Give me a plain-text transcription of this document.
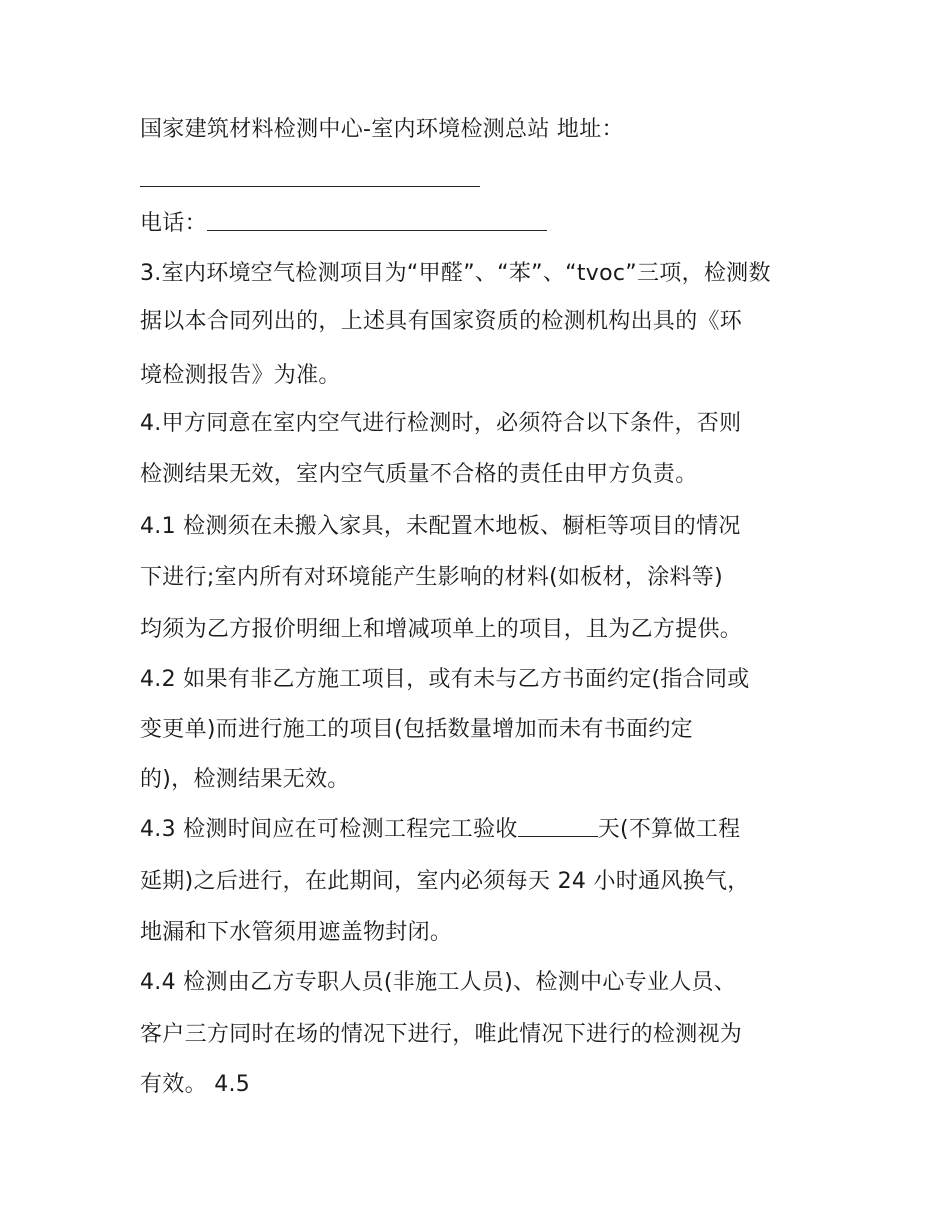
国家建筑材料检测中心-室内环境检测总站 地址：
电话：
3.室内环境空气检测项目为“甲醛”、“苯”、“tvoc”三项，检测数
据以本合同列出的，上述具有国家资质的检测机构出具的《环
境检测报告》为准。
4.甲方同意在室内空气进行检测时，必须符合以下条件，否则
检测结果无效，室内空气质量不合格的责任由甲方负责。
4.1 检测须在未搬入家具，未配置木地板、橱柜等项目的情况
下进行;室内所有对环境能产生影响的材料(如板材，涂料等)
均须为乙方报价明细上和增减项单上的项目，且为乙方提供。
4.2 如果有非乙方施工项目，或有未与乙方书面约定(指合同或
变更单)而进行施工的项目(包括数量增加而未有书面约定
的)，检测结果无效。
4.3 检测时间应在可检测工程完工验收	天(不算做工程
延期)之后进行，在此期间，室内必须每天 24 小时通风换气，
地漏和下水管须用遮盖物封闭。
4.4 检测由乙方专职人员(非施工人员)、检测中心专业人员、
客户三方同时在场的情况下进行，唯此情况下进行的检测视为
有效。 4.5
